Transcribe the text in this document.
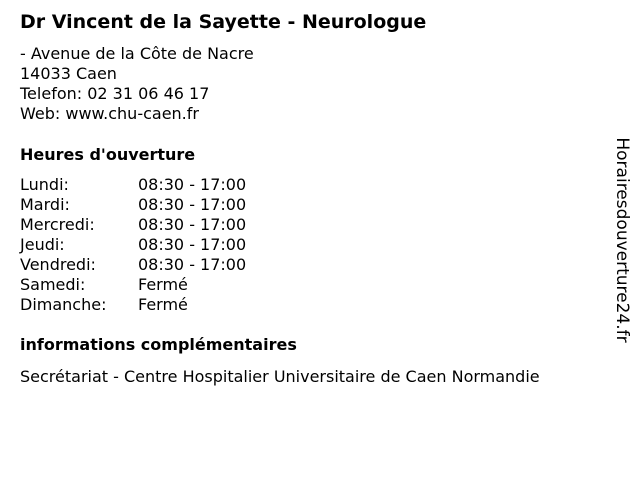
Dr Vincent de la Sayette - Neurologue
- Avenue de la Côte de Nacre
14033 Caen
Telefon: 02 31 06 46 17
Web: www.chu-caen.fr
Heures d'ouverture
Lundi:	08:30 - 17:00
Mardi:	08:30 - 17:00
Mercredi:	08:30 - 17:00
Jeudi:	08:30 - 17:00
Vendredi:	08:30 - 17:00
Samedi:	Fermé
Dimanche:	Fermé
informations complémentaires
Secrétariat - Centre Hospitalier Universitaire de Caen Normandie
Horairesdouverture24.fr
